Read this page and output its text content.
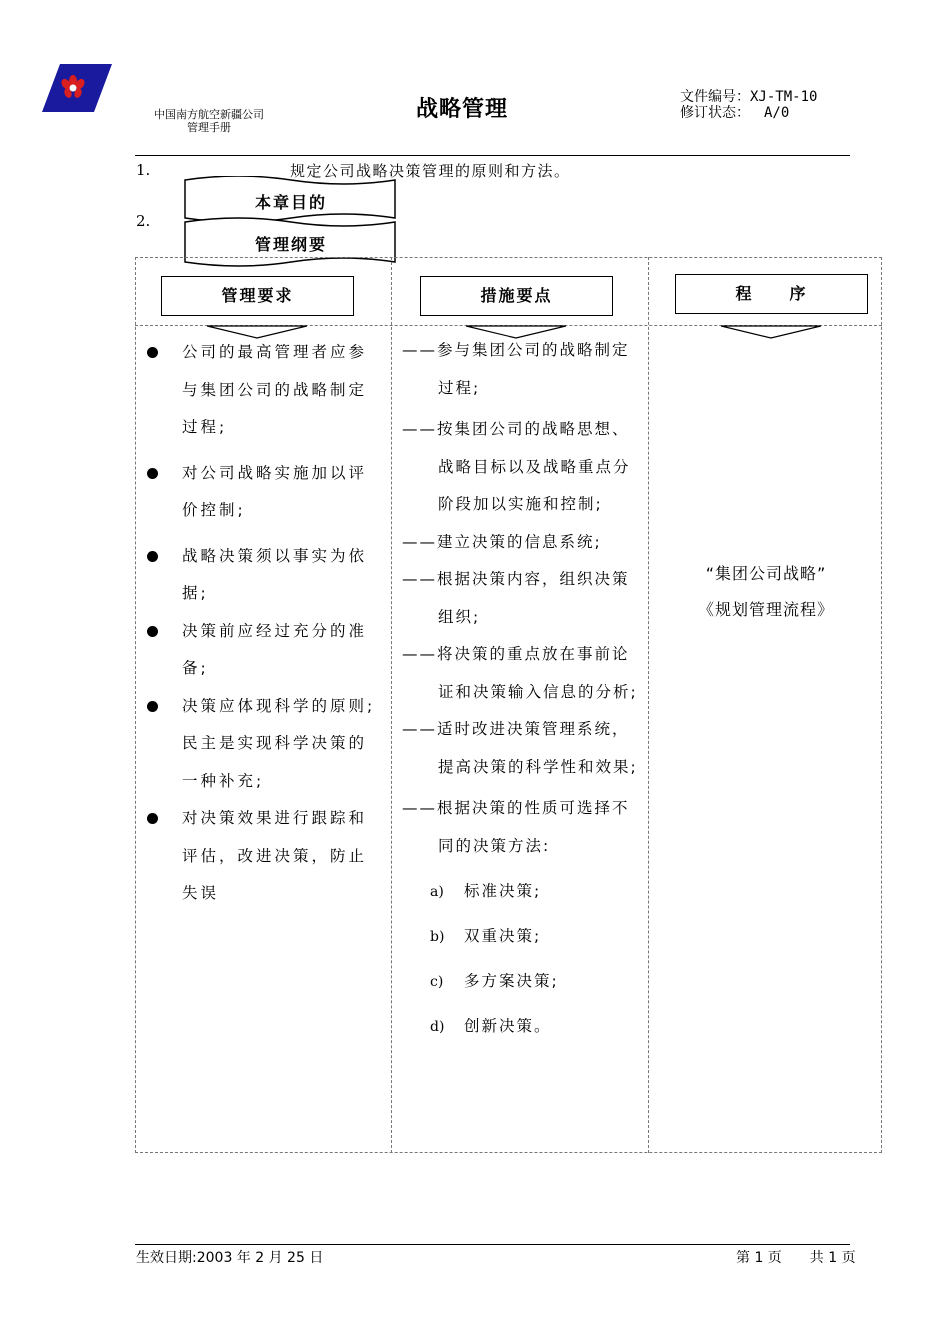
中国南方航空新疆公司
管理手册
战略管理	文件编号：XJ-TM-10
修订状态： A/0
1.	规定公司战略决策管理的原则和方法。
2.
本章目的
管理纲要
管理要求	措施要点	程　　序
公司的最高管理者应参与集团公司的战略制定过程;
对公司战略实施加以评价控制;
战略决策须以事实为依据;
决策前应经过充分的准备;
决策应体现科学的原则; 民主是实现科学决策的一种补充;
对决策效果进行跟踪和评估，改进决策，防止失误
——参与集团公司的战略制定过程;
——按集团公司的战略思想、战略目标以及战略重点分阶段加以实施和控制;
——建立决策的信息系统;
——根据决策内容，组织决策组织;
——将决策的重点放在事前论证和决策输入信息的分析;
——适时改进决策管理系统，提高决策的科学性和效果;
——根据决策的性质可选择不同的决策方法:
a) 标准决策;
b) 双重决策;
c) 多方案决策;
d) 创新决策。
“集团公司战略”
《规划管理流程》
生效日期:2003 年 2 月 25 日	第 1 页　　共 1 页
